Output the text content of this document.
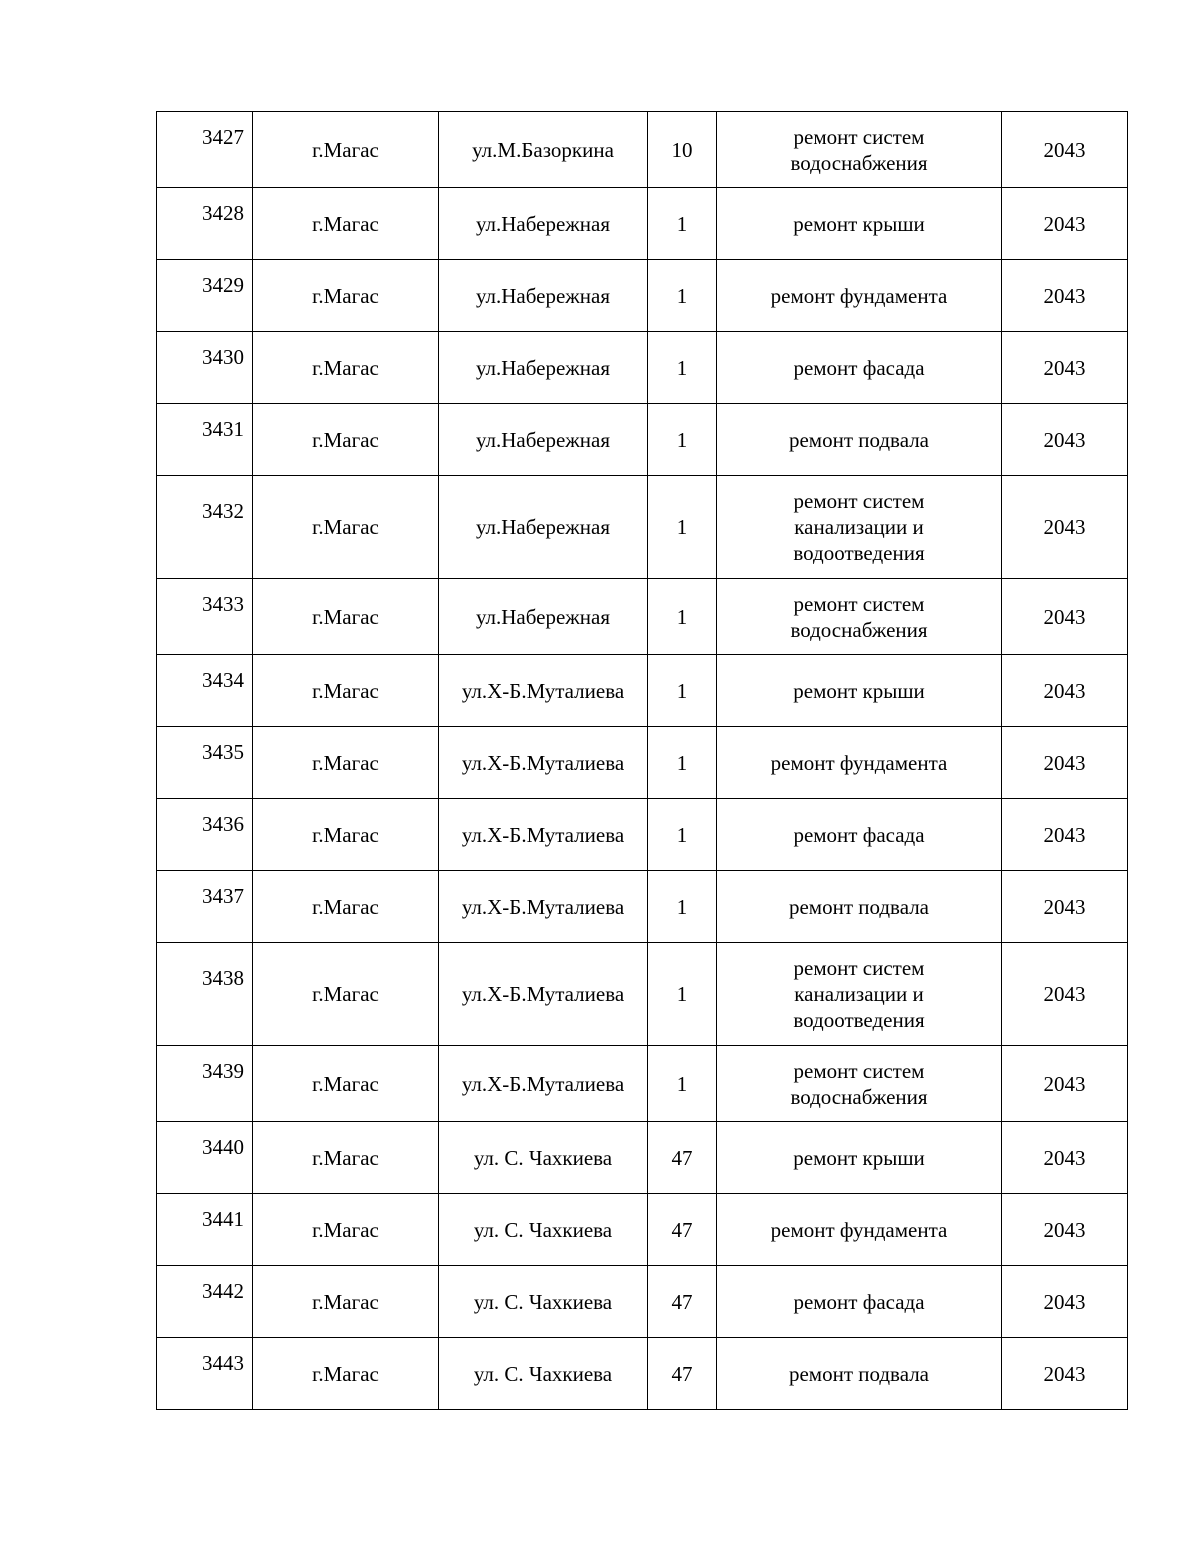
3427	г.Магас	ул.М.Базоркина	10	ремонт систем водоснабжения	2043
3428	г.Магас	ул.Набережная	1	ремонт крыши	2043
3429	г.Магас	ул.Набережная	1	ремонт фундамента	2043
3430	г.Магас	ул.Набережная	1	ремонт фасада	2043
3431	г.Магас	ул.Набережная	1	ремонт подвала	2043
3432	г.Магас	ул.Набережная	1	ремонт систем канализации и водоотведения	2043
3433	г.Магас	ул.Набережная	1	ремонт систем водоснабжения	2043
3434	г.Магас	ул.Х-Б.Муталиева	1	ремонт крыши	2043
3435	г.Магас	ул.Х-Б.Муталиева	1	ремонт фундамента	2043
3436	г.Магас	ул.Х-Б.Муталиева	1	ремонт фасада	2043
3437	г.Магас	ул.Х-Б.Муталиева	1	ремонт подвала	2043
3438	г.Магас	ул.Х-Б.Муталиева	1	ремонт систем канализации и водоотведения	2043
3439	г.Магас	ул.Х-Б.Муталиева	1	ремонт систем водоснабжения	2043
3440	г.Магас	ул. С. Чахкиева	47	ремонт крыши	2043
3441	г.Магас	ул. С. Чахкиева	47	ремонт фундамента	2043
3442	г.Магас	ул. С. Чахкиева	47	ремонт фасада	2043
3443	г.Магас	ул. С. Чахкиева	47	ремонт подвала	2043
